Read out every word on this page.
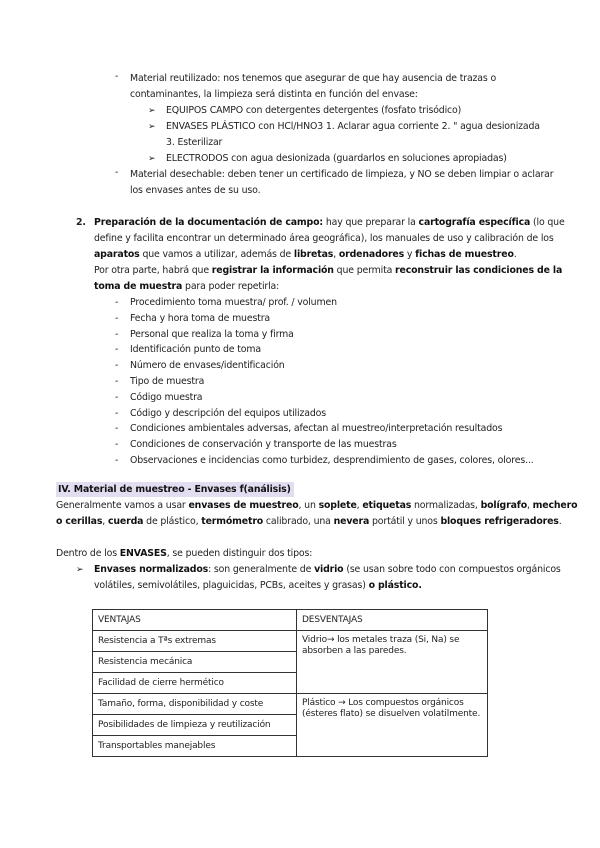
-	Material reutilizado: nos tenemos que asegurar de que hay ausencia de trazas o
contaminantes, la limpieza será distinta en función del envase:
➢ EQUIPOS CAMPO con detergentes detergentes (fosfato trisódico)
➢ ENVASES PLÁSTICO con HCl/HNO3 1. Aclarar agua corriente 2. " agua desionizada
3. Esterilizar
➢ ELECTRODOS con agua desionizada (guardarlos en soluciones apropiadas)
-	Material desechable: deben tener un certificado de limpieza, y NO se deben limpiar o aclarar
los envases antes de su uso.
2. Preparación de la documentación de campo: hay que preparar la cartografía específica (lo que
define y facilita encontrar un determinado área geográfica), los manuales de uso y calibración de los
aparatos que vamos a utilizar, además de libretas, ordenadores y fichas de muestreo.
Por otra parte, habrá que registrar la información que permita reconstruir las condiciones de la
toma de muestra para poder repetirla:
-	Procedimiento toma muestra/ prof. / volumen
-	Fecha y hora toma de muestra
-	Personal que realiza la toma y firma
-	Identificación punto de toma
-	Número de envases/identificación
-	Tipo de muestra
-	Código muestra
-	Código y descripción del equipos utilizados
-	Condiciones ambientales adversas, afectan al muestreo/interpretación resultados
-	Condiciones de conservación y transporte de las muestras
-	Observaciones e incidencias como turbidez, desprendimiento de gases, colores, olores...
IV. Material de muestreo - Envases f(análisis)
Generalmente vamos a usar envases de muestreo, un soplete, etiquetas normalizadas, bolígrafo, mechero
o cerillas, cuerda de plástico, termómetro calibrado, una nevera portátil y unos bloques refrigeradores.
Dentro de los ENVASES, se pueden distinguir dos tipos:
➢ Envases normalizados: son generalmente de vidrio (se usan sobre todo con compuestos orgánicos
volátiles, semivolátiles, plaguicidas, PCBs, aceites y grasas) o plástico.
VENTAJAS	DESVENTAJAS
Resistencia a Tªs extremas	Vidrio→ los metales traza (Si, Na) se absorben a las paredes.
Resistencia mecánica	
Facilidad de cierre hermético	
Tamaño, forma, disponibilidad y coste	Plástico → Los compuestos orgánicos (ésteres flato) se disuelven volatilmente.
Posibilidades de limpieza y reutilización	
Transportables manejables	
